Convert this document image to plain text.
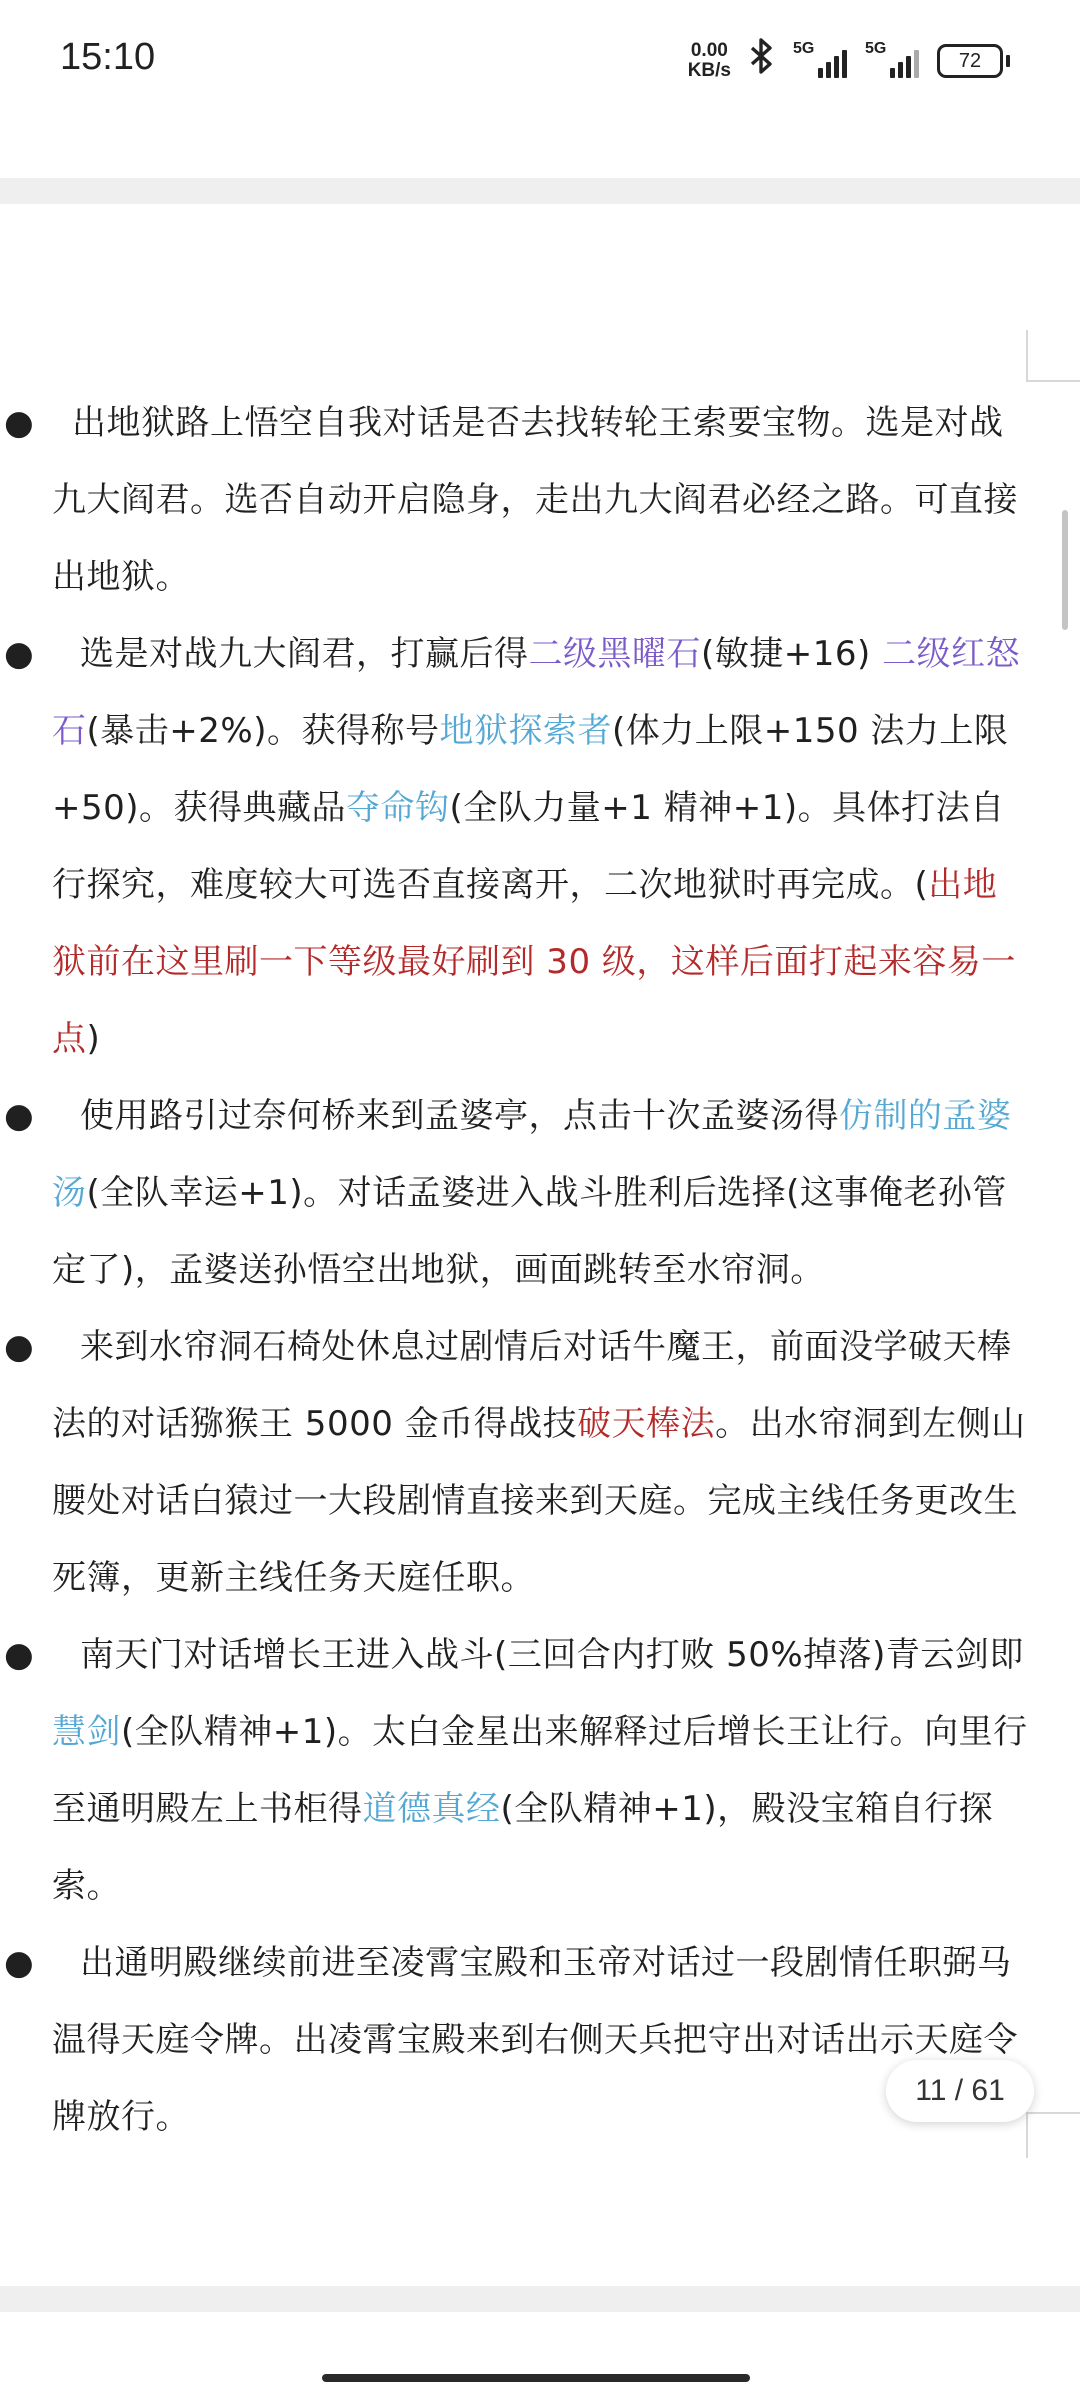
15:10	0.00
KB/s
5G	5G
72
● 出地狱路上悟空自我对话是否去找转轮王索要宝物。选是对战九大阎君。选否自动开启隐身，走出九大阎君必经之路。可直接出地狱。
● 选是对战九大阎君，打赢后得二级黑曜石(敏捷+16) 二级红怒石(暴击+2%)。获得称号地狱探索者(体力上限+150 法力上限+50)。获得典藏品夺命钩(全队力量+1 精神+1)。具体打法自行探究，难度较大可选否直接离开，二次地狱时再完成。(出地狱前在这里刷一下等级最好刷到 30 级，这样后面打起来容易一点)
● 使用路引过奈何桥来到孟婆亭，点击十次孟婆汤得仿制的孟婆汤(全队幸运+1)。对话孟婆进入战斗胜利后选择(这事俺老孙管定了)，孟婆送孙悟空出地狱，画面跳转至水帘洞。
● 来到水帘洞石椅处休息过剧情后对话牛魔王，前面没学破天棒法的对话猕猴王 5000 金币得战技破天棒法。出水帘洞到左侧山腰处对话白猿过一大段剧情直接来到天庭。完成主线任务更改生死簿，更新主线任务天庭任职。
● 南天门对话增长王进入战斗(三回合内打败 50%掉落)青云剑即慧剑(全队精神+1)。太白金星出来解释过后增长王让行。向里行至通明殿左上书柜得道德真经(全队精神+1)，殿没宝箱自行探索。
● 出通明殿继续前进至凌霄宝殿和玉帝对话过一段剧情任职弼马温得天庭令牌。出凌霄宝殿来到右侧天兵把守出对话出示天庭令牌放行。
11 / 61
